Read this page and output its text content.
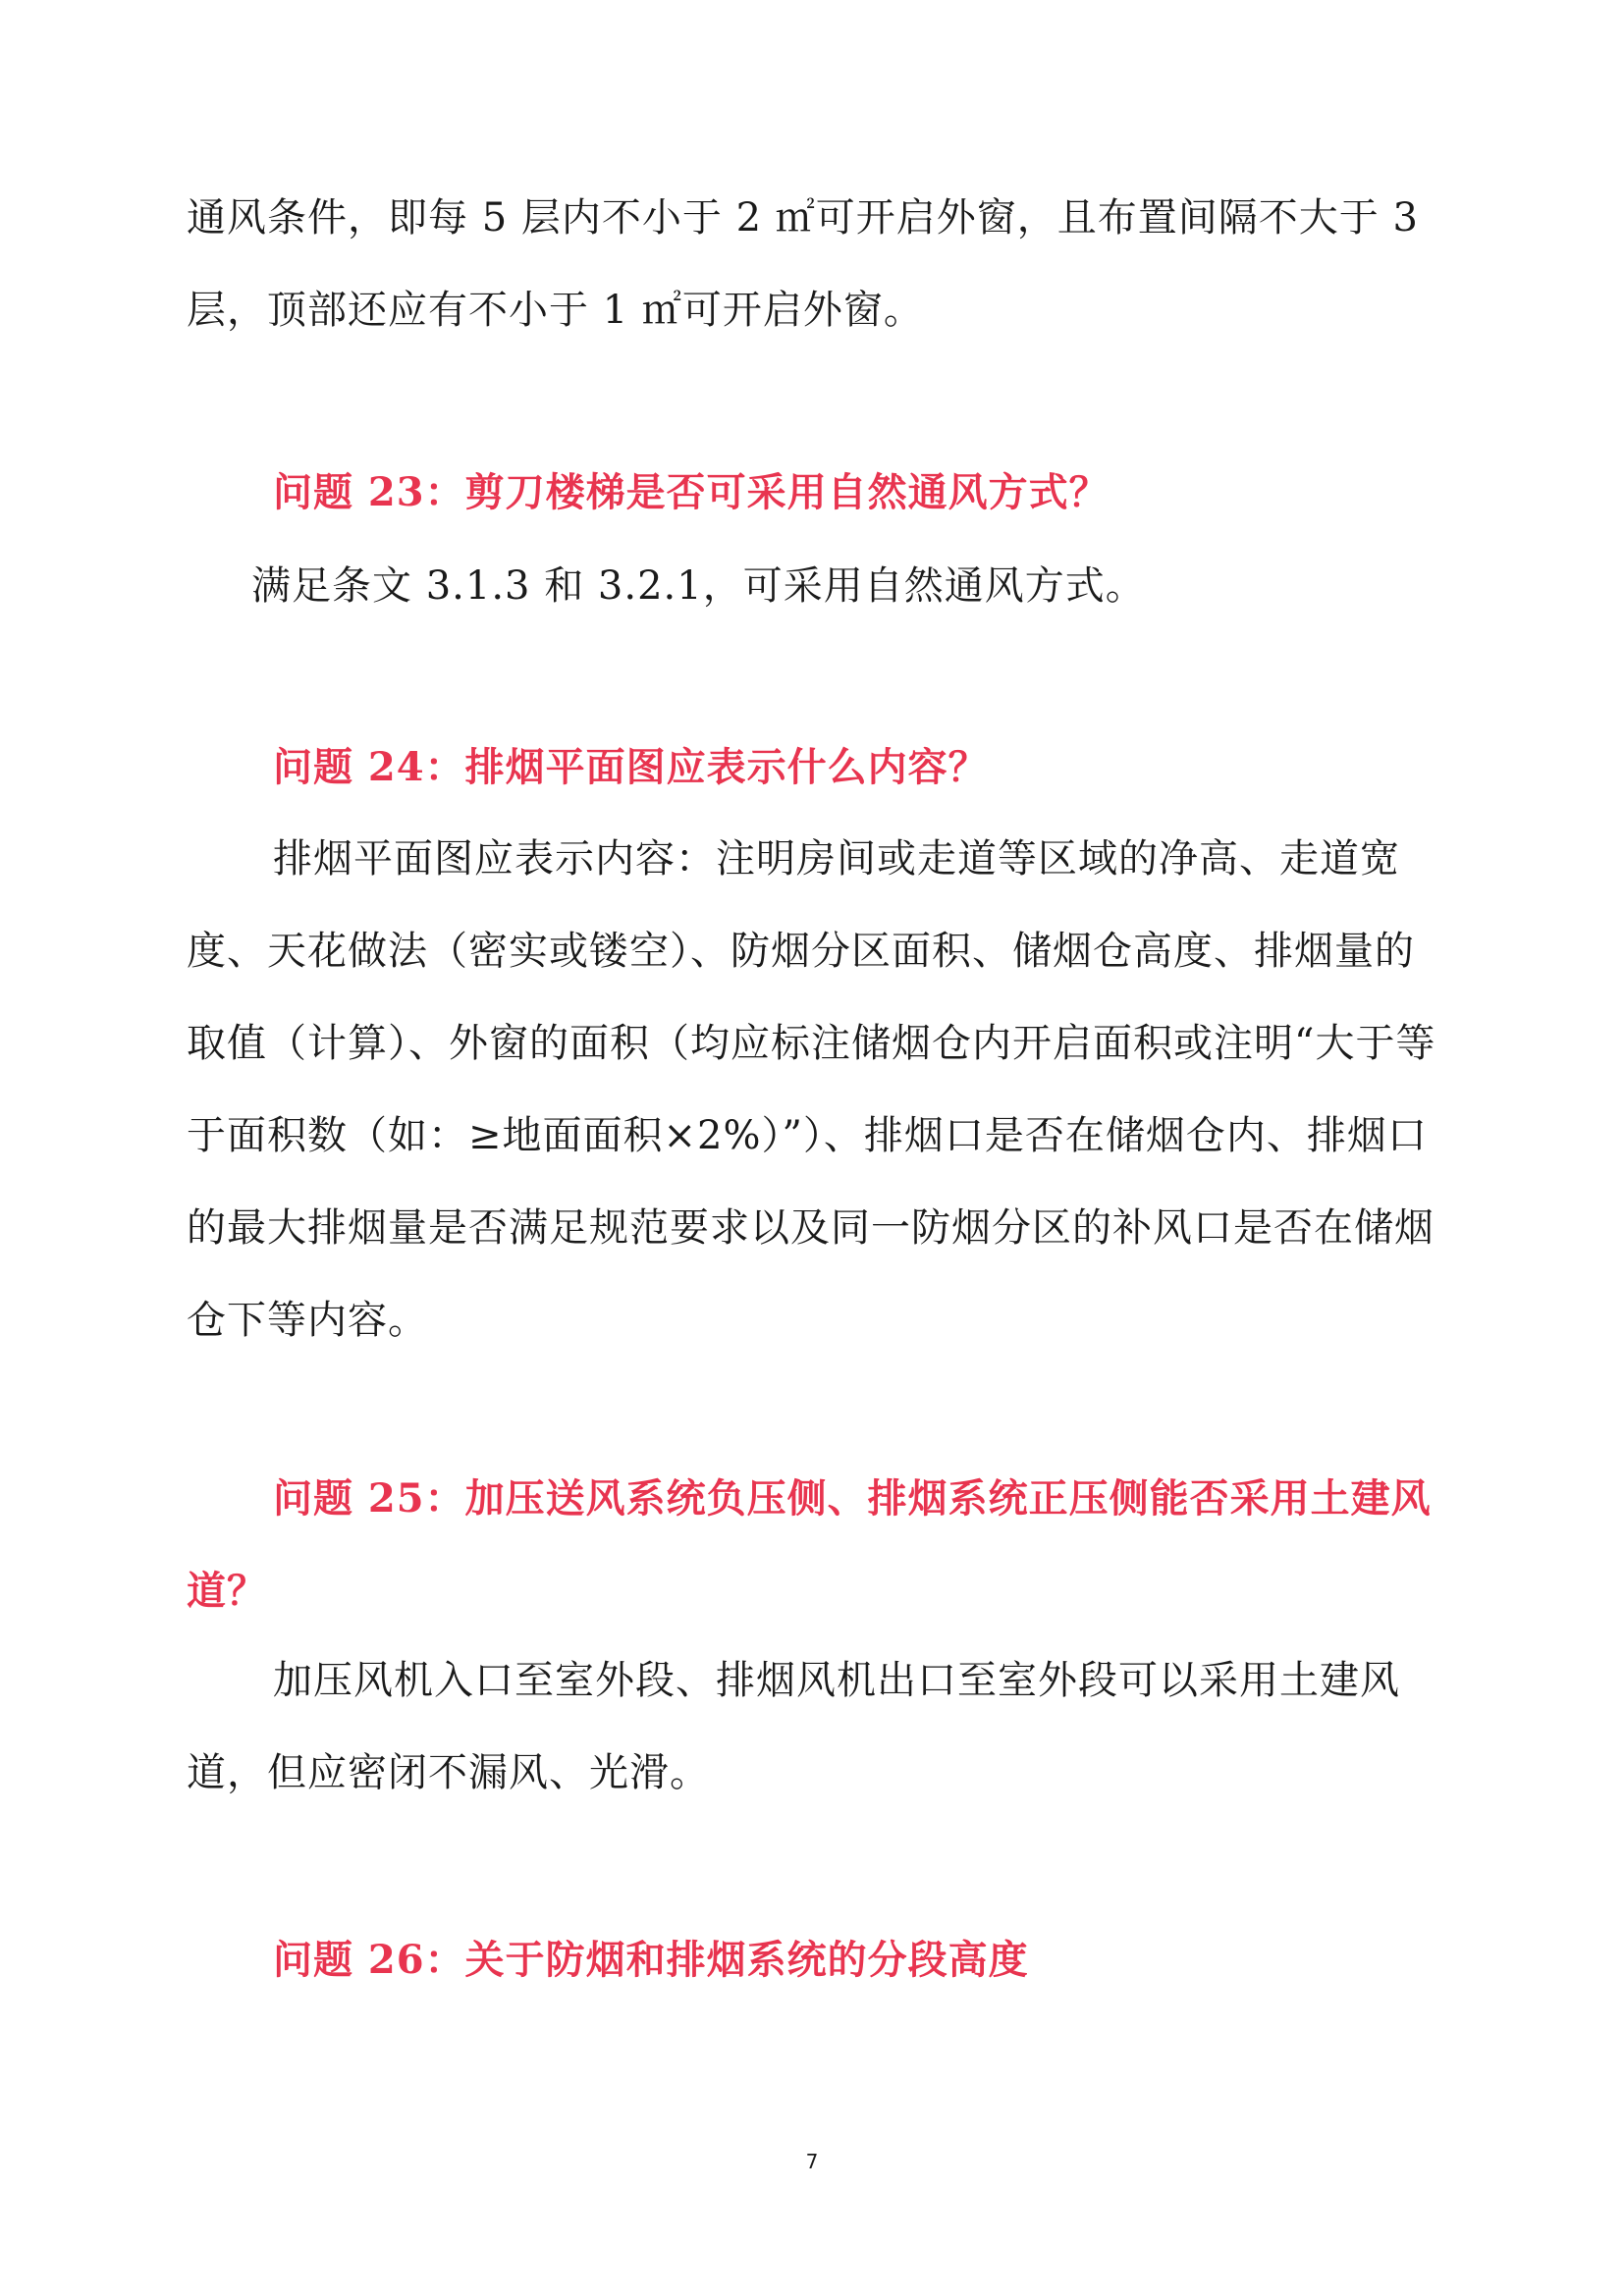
通风条件，即每 5 层内不小于 2 ㎡可开启外窗，且布置间隔不大于 3 层，顶部还应有不小于 1 ㎡可开启外窗。

问题 23：剪刀楼梯是否可采用自然通风方式？

满足条文 3.1.3 和 3.2.1，可采用自然通风方式。

问题 24：排烟平面图应表示什么内容？

排烟平面图应表示内容：注明房间或走道等区域的净高、走道宽度、天花做法（密实或镂空）、防烟分区面积、储烟仓高度、排烟量的取值（计算）、外窗的面积（均应标注储烟仓内开启面积或注明“大于等于面积数（如：≥地面面积×2%）”）、排烟口是否在储烟仓内、排烟口的最大排烟量是否满足规范要求以及同一防烟分区的补风口是否在储烟仓下等内容。

问题 25：加压送风系统负压侧、排烟系统正压侧能否采用土建风道？

加压风机入口至室外段、排烟风机出口至室外段可以采用土建风道，但应密闭不漏风、光滑。

问题 26：关于防烟和排烟系统的分段高度

7
